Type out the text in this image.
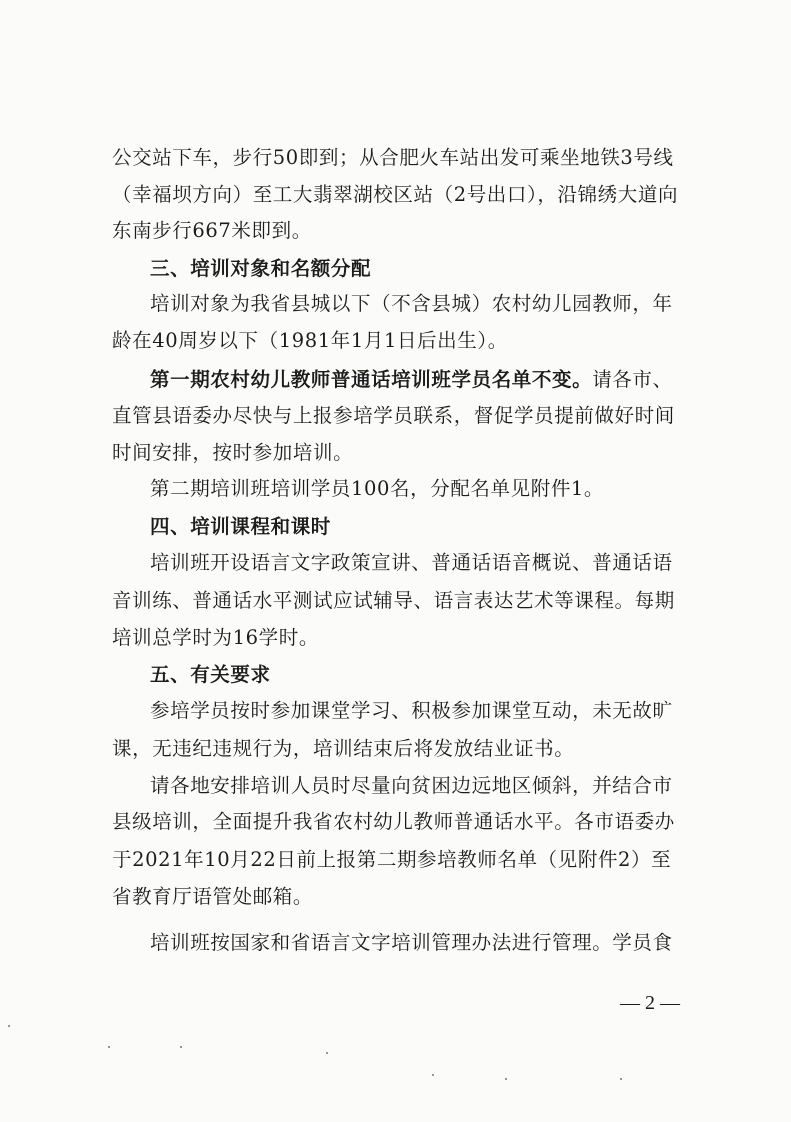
公交站下车，步行50即到；从合肥火车站出发可乘坐地铁3号线
（幸福坝方向）至工大翡翠湖校区站（2号出口），沿锦绣大道向
东南步行667米即到。
三、培训对象和名额分配
培训对象为我省县城以下（不含县城）农村幼儿园教师，年
龄在40周岁以下（1981年1月1日后出生）。
第一期农村幼儿教师普通话培训班学员名单不变。请各市、
直管县语委办尽快与上报参培学员联系，督促学员提前做好时间
时间安排，按时参加培训。
第二期培训班培训学员100名，分配名单见附件1。
四、培训课程和课时
培训班开设语言文字政策宣讲、普通话语音概说、普通话语
音训练、普通话水平测试应试辅导、语言表达艺术等课程。每期
培训总学时为16学时。
五、有关要求
参培学员按时参加课堂学习、积极参加课堂互动，未无故旷
课，无违纪违规行为，培训结束后将发放结业证书。
请各地安排培训人员时尽量向贫困边远地区倾斜，并结合市
县级培训，全面提升我省农村幼儿教师普通话水平。各市语委办
于2021年10月22日前上报第二期参培教师名单（见附件2）至
省教育厅语管处邮箱。
培训班按国家和省语言文字培训管理办法进行管理。学员食
— 2 —
